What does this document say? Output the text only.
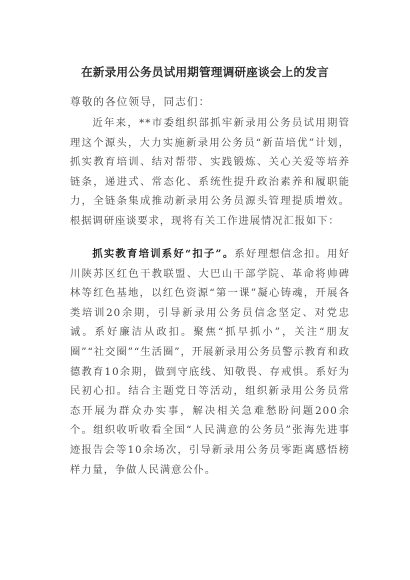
在新录用公务员试用期管理调研座谈会上的发言
尊敬的各位领导，同志们：
近年来，**市委组织部抓牢新录用公务员试用期管理这个源头，大力实施新录用公务员“新苗培优”计划，抓实教育培训、结对帮带、实践锻炼、关心关爱等培养链条，递进式、常态化、系统性提升政治素养和履职能力，全链条集成推动新录用公务员源头管理提质增效。根据调研座谈要求，现将有关工作进展情况汇报如下：
抓实教育培训系好“扣子”。系好理想信念扣。用好川陕苏区红色干教联盟、大巴山干部学院、革命将帅碑林等红色基地，以红色资源“第一课”凝心铸魂，开展各类培训20余期，引导新录用公务员信念坚定、对党忠诚。系好廉洁从政扣。聚焦“抓早抓小”，关注“朋友圈”“社交圈”“生活圈”，开展新录用公务员警示教育和政德教育10余期，做到守底线、知敬畏、存戒惧。系好为民初心扣。结合主题党日等活动，组织新录用公务员常态开展为群众办实事，解决相关急难愁盼问题200余个。组织收听收看全国“人民满意的公务员”张海先进事迹报告会等10余场次，引导新录用公务员零距离感悟榜样力量，争做人民满意公仆。
